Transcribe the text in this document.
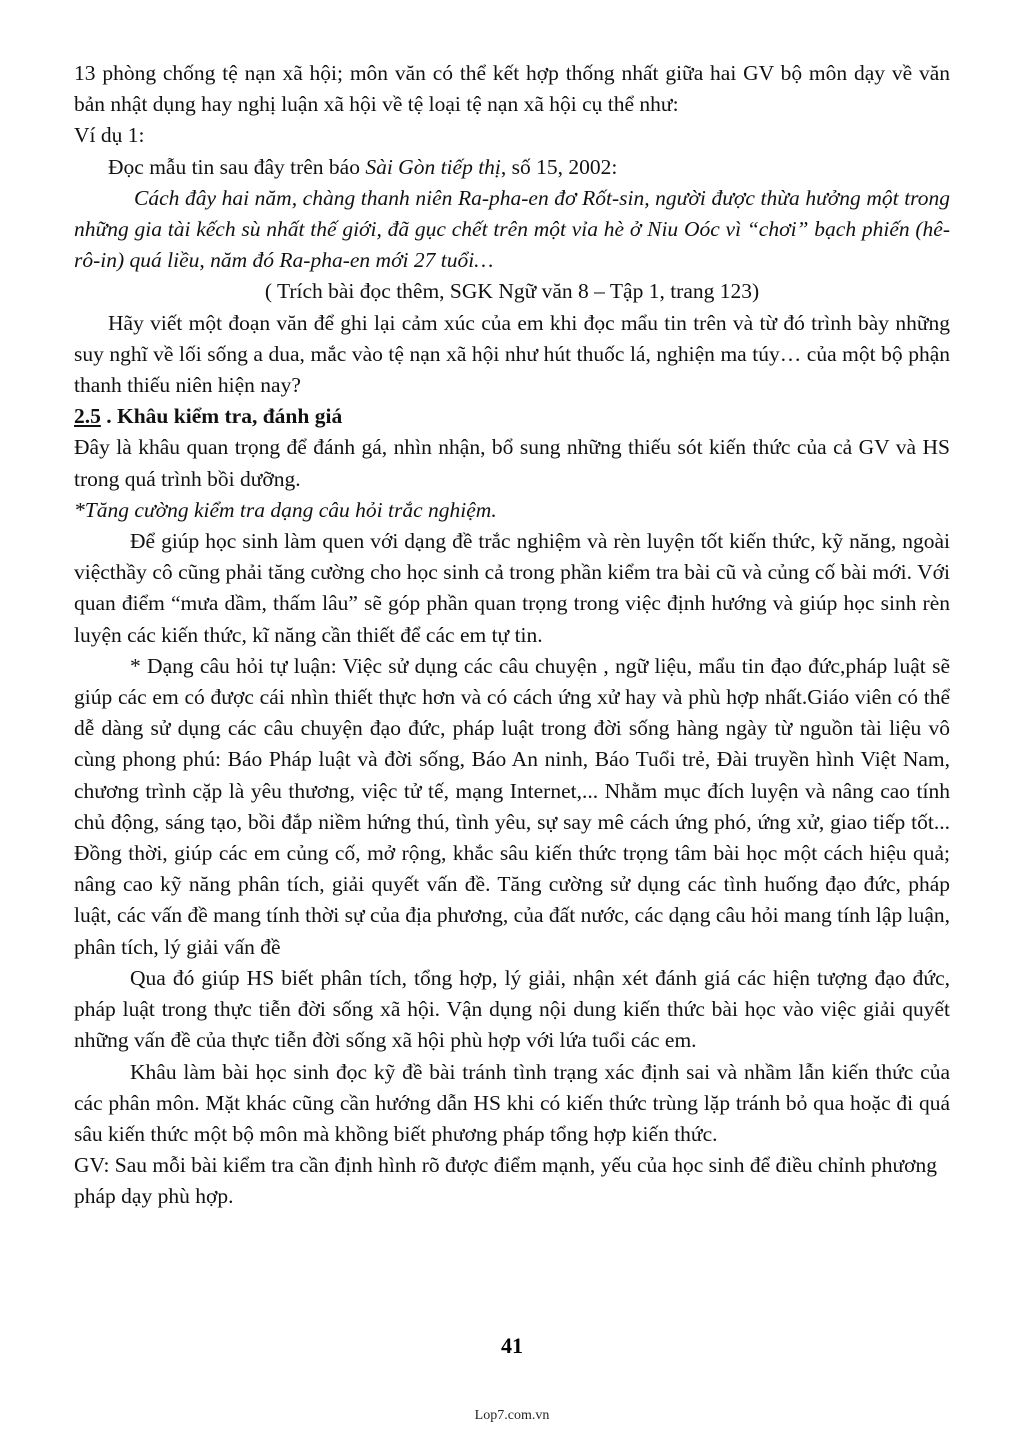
13 phòng chống tệ nạn xã hội; môn văn có thể kết hợp thống nhất giữa hai GV bộ môn dạy về văn bản nhật dụng hay nghị luận xã hội về tệ loại tệ nạn xã hội cụ thể như:

Ví dụ 1:

Đọc mẫu tin sau đây trên báo Sài Gòn tiếp thị, số 15, 2002:

Cách đây hai năm, chàng thanh niên Ra-pha-en đơ Rốt-sin, người được thừa hưởng một trong những gia tài kếch sù nhất thế giới, đã gục chết trên một vỉa hè ở Niu Oóc vì “chơi” bạch phiến (hê-rô-in) quá liều, năm đó Ra-pha-en mới 27 tuổi…

( Trích bài đọc thêm, SGK Ngữ văn 8 – Tập 1, trang 123)

Hãy viết một đoạn văn để ghi lại cảm xúc của em khi đọc mẩu tin trên và từ đó trình bày những suy nghĩ về lối sống a dua, mắc vào tệ nạn xã hội như hút thuốc lá, nghiện ma túy… của một bộ phận thanh thiếu niên hiện nay?

2.5 . Khâu kiểm tra, đánh giá

Đây là khâu quan trọng để đánh gá, nhìn nhận, bổ sung những thiếu sót kiến thức của cả GV và HS trong quá trình bồi dưỡng.

*Tăng cường kiểm tra dạng câu hỏi trắc nghiệm.

Để giúp học sinh làm quen với dạng đề trắc nghiệm và rèn luyện tốt kiến thức, kỹ năng, ngoài việcthầy cô cũng phải tăng cường cho học sinh cả trong phần kiểm tra bài cũ và củng cố bài mới. Với quan điểm “mưa dầm, thấm lâu” sẽ góp phần quan trọng trong việc định hướng và giúp học sinh rèn luyện các kiến thức, kĩ năng cần thiết để các em tự tin.

* Dạng câu hỏi tự luận: Việc sử dụng các câu chuyện , ngữ liệu, mẩu tin đạo đức,pháp luật sẽ giúp các em có được cái nhìn thiết thực hơn và có cách ứng xử hay và phù hợp nhất.Giáo viên có thể dễ dàng sử dụng các câu chuyện đạo đức, pháp luật trong đời sống hàng ngày từ nguồn tài liệu vô cùng phong phú: Báo Pháp luật và đời sống, Báo An ninh, Báo Tuổi trẻ, Đài truyền hình Việt Nam, chương trình cặp là yêu thương, việc tử tế, mạng Internet,... Nhằm mục đích luyện và nâng cao tính chủ động, sáng tạo, bồi đắp niềm hứng thú, tình yêu, sự say mê cách ứng phó, ứng xử, giao tiếp tốt... Đồng thời, giúp các em củng cố, mở rộng, khắc sâu kiến thức trọng tâm bài học một cách hiệu quả; nâng cao kỹ năng phân tích, giải quyết vấn đề. Tăng cường sử dụng các tình huống đạo đức, pháp luật, các vấn đề mang tính thời sự của địa phương, của đất nước, các dạng câu hỏi mang tính lập luận, phân tích, lý giải vấn đề

Qua đó giúp HS biết phân tích, tổng hợp, lý giải, nhận xét đánh giá các hiện tượng đạo đức, pháp luật trong thực tiễn đời sống xã hội. Vận dụng nội dung kiến thức bài học vào việc giải quyết những vấn đề của thực tiễn đời sống xã hội phù hợp với lứa tuổi các em.

Khâu làm bài học sinh đọc kỹ đề bài tránh tình trạng xác định sai và nhầm lẫn kiến thức của các phân môn. Mặt khác cũng cần hướng dẫn HS khi có kiến thức trùng lặp tránh bỏ qua hoặc đi quá sâu kiến thức một bộ môn mà khồng biết phương pháp tổng hợp kiến thức.

GV: Sau mỗi bài kiểm tra cần định hình rõ được điểm mạnh, yếu của học sinh để điều chỉnh phương pháp dạy phù hợp.

41
Lop7.com.vn
